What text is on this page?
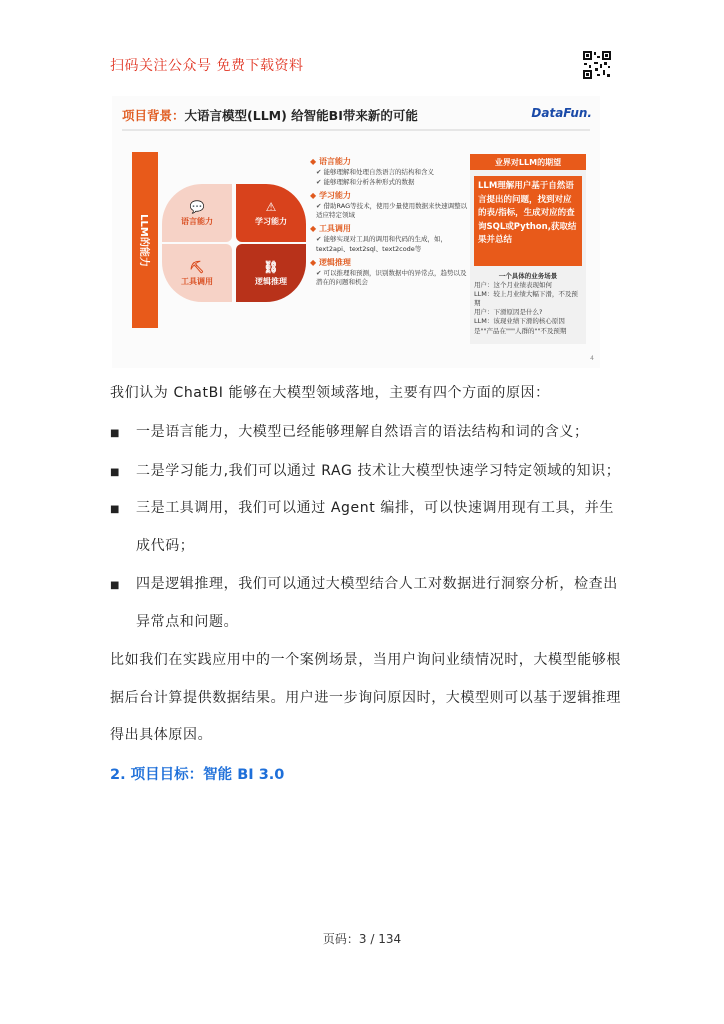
扫码关注公众号 免费下载资料
项目背景：大语言模型(LLM) 给智能BI带来新的可能	DataFun.
LLM的能力
💬
语言能力
⚠
学习能力
⛏
工具调用
⛓
逻辑推理
◆ 语言能力
✔ 能够理解和处理自然语言的结构和含义
✔ 能够理解和分析各种形式的数据
◆ 学习能力
✔ 借助RAG等技术，使用少量使用数据来快速调整以适应特定领域
◆ 工具调用
✔ 能够实现对工具的调用和代码的生成，如，text2api、text2sql、text2code等
◆ 逻辑推理
✔ 可以推理和预测，识别数据中的异常点，趋势以及潜在的问题和机会
业界对LLM的期望
LLM理解用户基于自然语言提出的问题，找到对应的表/指标，生成对应的查询SQL或Python,获取结果并总结
一个具体的业务场景
用户：这个月业绩表现如何
LLM：较上月业绩大幅下滑，不及预期
用户：下滑原因是什么?
LLM：该现业绩下滑的核心原因是""产品在"""人群的""不及预期
4
我们认为 ChatBI 能够在大模型领域落地，主要有四个方面的原因：
■ 一是语言能力，大模型已经能够理解自然语言的语法结构和词的含义；
■ 二是学习能力,我们可以通过 RAG 技术让大模型快速学习特定领域的知识；
■ 三是工具调用，我们可以通过 Agent 编排，可以快速调用现有工具，并生
成代码；
■ 四是逻辑推理，我们可以通过大模型结合人工对数据进行洞察分析，检查出
异常点和问题。
比如我们在实践应用中的一个案例场景，当用户询问业绩情况时，大模型能够根
据后台计算提供数据结果。用户进一步询问原因时，大模型则可以基于逻辑推理
得出具体原因。
2. 项目目标：智能 BI 3.0
页码：3 / 134
